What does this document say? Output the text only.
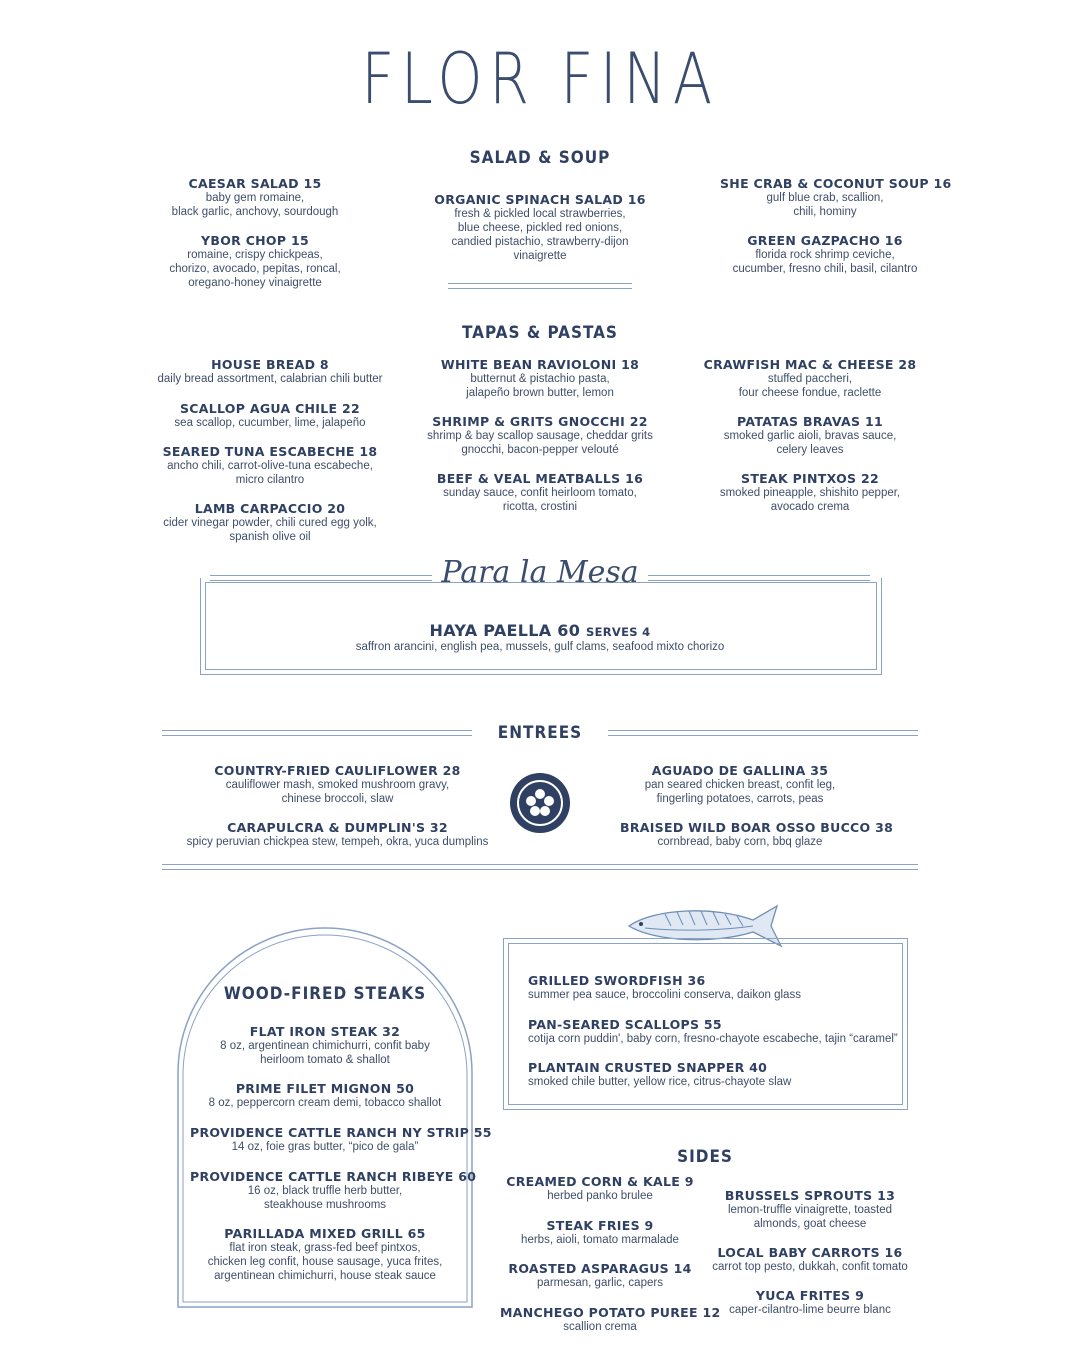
FLOR FINA
SALAD & SOUP
CAESAR SALAD 15
baby gem romaine,
black garlic, anchovy, sourdough
YBOR CHOP 15
romaine, crispy chickpeas,
chorizo, avocado, pepitas, roncal,
oregano-honey vinaigrette
ORGANIC SPINACH SALAD 16
fresh & pickled local strawberries,
blue cheese, pickled red onions,
candied pistachio, strawberry-dijon
vinaigrette
SHE CRAB & COCONUT SOUP 16
gulf blue crab, scallion,
chili, hominy
GREEN GAZPACHO 16
florida rock shrimp ceviche,
cucumber, fresno chili, basil, cilantro
TAPAS & PASTAS
HOUSE BREAD 8
daily bread assortment, calabrian chili butter
SCALLOP AGUA CHILE 22
sea scallop, cucumber, lime, jalapeño
SEARED TUNA ESCABECHE 18
ancho chili, carrot-olive-tuna escabeche,
micro cilantro
LAMB CARPACCIO 20
cider vinegar powder, chili cured egg yolk,
spanish olive oil
WHITE BEAN RAVIOLONI 18
butternut & pistachio pasta,
jalapeño brown butter, lemon
SHRIMP & GRITS GNOCCHI 22
shrimp & bay scallop sausage, cheddar grits
gnocchi, bacon-pepper velouté
BEEF & VEAL MEATBALLS 16
sunday sauce, confit heirloom tomato,
ricotta, crostini
CRAWFISH MAC & CHEESE 28
stuffed paccheri,
four cheese fondue, raclette
PATATAS BRAVAS 11
smoked garlic aioli, bravas sauce,
celery leaves
STEAK PINTXOS 22
smoked pineapple, shishito pepper,
avocado crema
Para la Mesa
HAYA PAELLA 60 SERVES 4
saffron arancini, english pea, mussels, gulf clams, seafood mixto chorizo
ENTREES
COUNTRY-FRIED CAULIFLOWER 28
cauliflower mash, smoked mushroom gravy,
chinese broccoli, slaw
CARAPULCRA & DUMPLIN'S 32
spicy peruvian chickpea stew, tempeh, okra, yuca dumplins
AGUADO DE GALLINA 35
pan seared chicken breast, confit leg,
fingerling potatoes, carrots, peas
BRAISED WILD BOAR OSSO BUCCO 38
cornbread, baby corn, bbq glaze
WOOD-FIRED STEAKS
FLAT IRON STEAK 32
8 oz, argentinean chimichurri, confit baby
heirloom tomato & shallot
PRIME FILET MIGNON 50
8 oz, peppercorn cream demi, tobacco shallot
PROVIDENCE CATTLE RANCH NY STRIP 55
14 oz, foie gras butter, “pico de gala”
PROVIDENCE CATTLE RANCH RIBEYE 60
16 oz, black truffle herb butter,
steakhouse mushrooms
PARILLADA MIXED GRILL 65
flat iron steak, grass-fed beef pintxos,
chicken leg confit, house sausage, yuca frites,
argentinean chimichurri, house steak sauce
GRILLED SWORDFISH 36
summer pea sauce, broccolini conserva, daikon glass
PAN-SEARED SCALLOPS 55
cotija corn puddin', baby corn, fresno-chayote escabeche, tajin “caramel”
PLANTAIN CRUSTED SNAPPER 40
smoked chile butter, yellow rice, citrus-chayote slaw
SIDES
CREAMED CORN & KALE 9
herbed panko brulee
STEAK FRIES 9
herbs, aioli, tomato marmalade
ROASTED ASPARAGUS 14
parmesan, garlic, capers
MANCHEGO POTATO PUREE 12
scallion crema
BRUSSELS SPROUTS 13
lemon-truffle vinaigrette, toasted
almonds, goat cheese
LOCAL BABY CARROTS 16
carrot top pesto, dukkah, confit tomato
YUCA FRITES 9
caper-cilantro-lime beurre blanc
